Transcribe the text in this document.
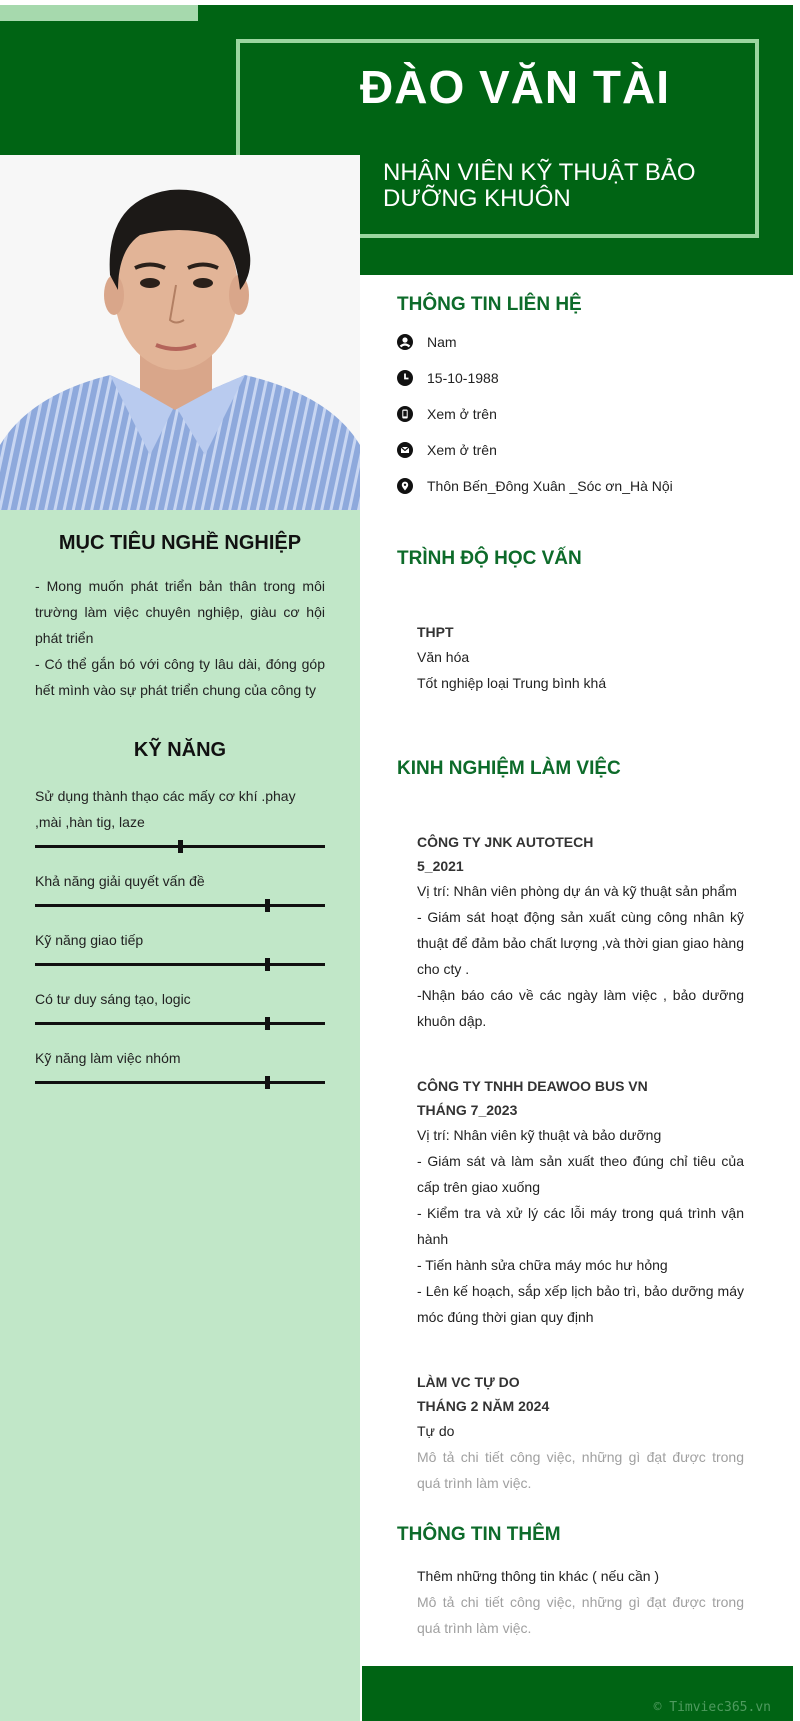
ĐÀO VĂN TÀI
NHÂN VIÊN KỸ THUẬT BẢO DƯỠNG KHUÔN
MỤC TIÊU NGHỀ NGHIỆP
- Mong muốn phát triển bản thân trong môi trường làm việc chuyên nghiệp, giàu cơ hội phát triển
- Có thể gắn bó với công ty lâu dài, đóng góp hết mình vào sự phát triển chung của công ty
KỸ NĂNG
Sử dụng thành thạo các mấy cơ khí .phay ,mài ,hàn tig, laze
Khả năng giải quyết vấn đề
Kỹ năng giao tiếp
Có tư duy sáng tạo, logic
Kỹ năng làm việc nhóm
THÔNG TIN LIÊN HỆ
Nam
15-10-1988
Xem ở trên
Xem ở trên
Thôn Bến_Đông Xuân _Sóc ơn_Hà Nội
TRÌNH ĐỘ HỌC VẤN
THPT
Văn hóa
Tốt nghiệp loại Trung bình khá
KINH NGHIỆM LÀM VIỆC
CÔNG TY JNK AUTOTECH
5_2021
Vị trí: Nhân viên phòng dự án và kỹ thuật sản phẩm
- Giám sát hoạt động sản xuất cùng công nhân kỹ thuật để đảm bảo chất lượng ,và thời gian giao hàng cho cty .
-Nhận báo cáo về các ngày làm việc , bảo dưỡng khuôn dập.
CÔNG TY TNHH DEAWOO BUS VN
THÁNG 7_2023
Vị trí: Nhân viên kỹ thuật và bảo dưỡng
- Giám sát và làm sản xuất theo đúng chỉ tiêu của cấp trên giao xuống
- Kiểm tra và xử lý các lỗi máy trong quá trình vận hành
- Tiến hành sửa chữa máy móc hư hỏng
- Lên kế hoạch, sắp xếp lịch bảo trì, bảo dưỡng máy móc đúng thời gian quy định
LÀM VC TỰ DO
THÁNG 2 NĂM 2024
Tự do
Mô tả chi tiết công việc, những gì đạt được trong quá trình làm việc.
THÔNG TIN THÊM
Thêm những thông tin khác ( nếu cần )
Mô tả chi tiết công việc, những gì đạt được trong quá trình làm việc.
© Timviec365.vn
